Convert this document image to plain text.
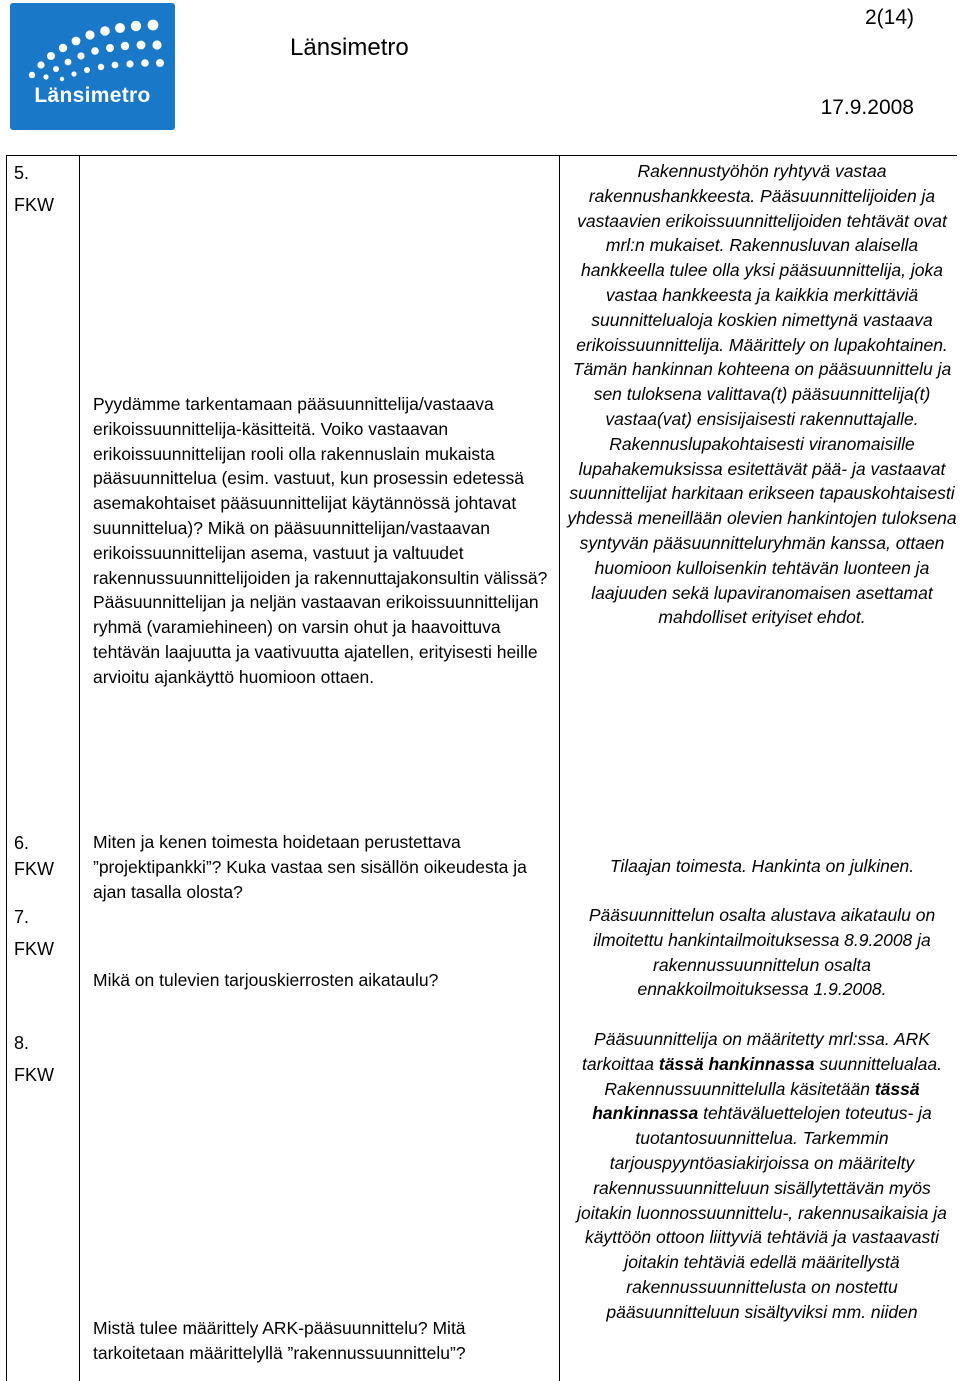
Länsimetro
Länsimetro
2(14)
17.9.2008
5.
FKW
Pyydämme tarkentamaan pääsuunnittelija/vastaava erikoissuunnittelija-käsitteitä. Voiko vastaavan erikoissuunnittelijan rooli olla rakennuslain mukaista pääsuunnittelua (esim. vastuut, kun prosessin edetessä asemakohtaiset pääsuunnittelijat käytännössä johtavat suunnittelua)? Mikä on pääsuunnittelijan/vastaavan erikoissuunnittelijan asema, vastuut ja valtuudet rakennussuunnittelijoiden ja rakennuttajakonsultin välissä? Pääsuunnittelijan ja neljän vastaavan erikoissuunnittelijan ryhmä (varamiehineen) on varsin ohut ja haavoittuva tehtävän laajuutta ja vaativuutta ajatellen, erityisesti heille arvioitu ajankäyttö huomioon ottaen.
Rakennustyöhön ryhtyvä vastaa rakennushankkeesta. Pääsuunnittelijoiden ja vastaavien erikoissuunnittelijoiden tehtävät ovat mrl:n mukaiset. Rakennusluvan alaisella hankkeella tulee olla yksi pääsuunnittelija, joka vastaa hankkeesta ja kaikkia merkittäviä suunnittelualoja koskien nimettynä vastaava erikoissuunnittelija. Määrittely on lupakohtainen. Tämän hankinnan kohteena on pääsuunnittelu ja sen tuloksena valittava(t) pääsuunnittelija(t) vastaa(vat) ensisijaisesti rakennuttajalle. Rakennuslupakohtaisesti viranomaisille lupahakemuksissa esitettävät pää- ja vastaavat suunnittelijat harkitaan erikseen tapauskohtaisesti yhdessä meneillään olevien hankintojen tuloksena syntyvän pääsuunnitteluryhmän kanssa, ottaen huomioon kulloisenkin tehtävän luonteen ja laajuuden sekä lupaviranomaisen asettamat mahdolliset erityiset ehdot.
6.
FKW
Miten ja kenen toimesta hoidetaan perustettava ”projektipankki”? Kuka vastaa sen sisällön oikeudesta ja ajan tasalla olosta?
Tilaajan toimesta. Hankinta on julkinen.
7.
FKW
Mikä on tulevien tarjouskierrosten aikataulu?
Pääsuunnittelun osalta alustava aikataulu on ilmoitettu hankintailmoituksessa 8.9.2008 ja rakennussuunnittelun osalta ennakkoilmoituksessa 1.9.2008.
8.
FKW
Mistä tulee määrittely ARK-pääsuunnittelu? Mitä tarkoitetaan määrittelyllä ”rakennussuunnittelu”?
Pääsuunnittelija on määritetty mrl:ssa. ARK tarkoittaa tässä hankinnassa suunnittelualaa. Rakennussuunnittelulla käsitetään tässä hankinnassa tehtäväluettelojen toteutus- ja tuotantosuunnittelua. Tarkemmin tarjouspyyntöasiakirjoissa on määritelty rakennussuunnitteluun sisällytettävän myös joitakin luonnossuunnittelu-, rakennusaikaisia ja käyttöön ottoon liittyviä tehtäviä ja vastaavasti joitakin tehtäviä edellä määritellystä rakennussuunnittelusta on nostettu pääsuunnitteluun sisältyviksi mm. niiden
